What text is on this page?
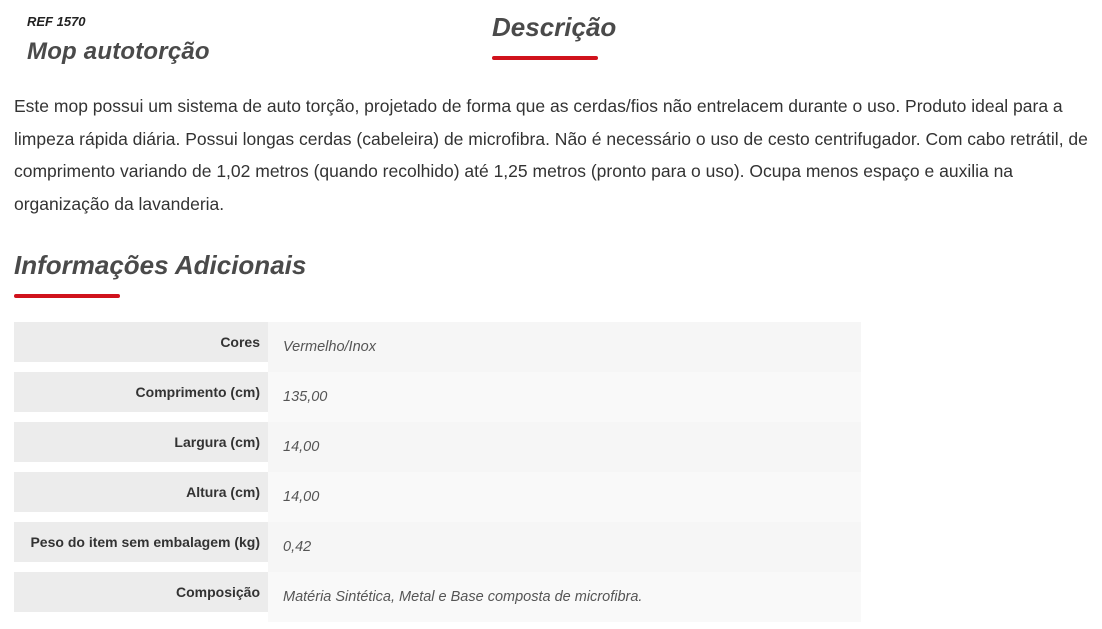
REF 1570
Mop autotorção
Descrição

Este mop possui um sistema de auto torção, projetado de forma que as cerdas/fios não entrelacem durante o uso. Produto ideal para a limpeza rápida diária. Possui longas cerdas (cabeleira) de microfibra. Não é necessário o uso de cesto centrifugador. Com cabo retrátil, de comprimento variando de 1,02 metros (quando recolhido) até 1,25 metros (pronto para o uso). Ocupa menos espaço e auxilia na organização da lavanderia.

Informações Adicionais
Cores	Vermelho/Inox
Comprimento (cm)	135,00
Largura (cm)	14,00
Altura (cm)	14,00
Peso do item sem embalagem (kg)	0,42
Composição	Matéria Sintética, Metal e Base composta de microfibra.
